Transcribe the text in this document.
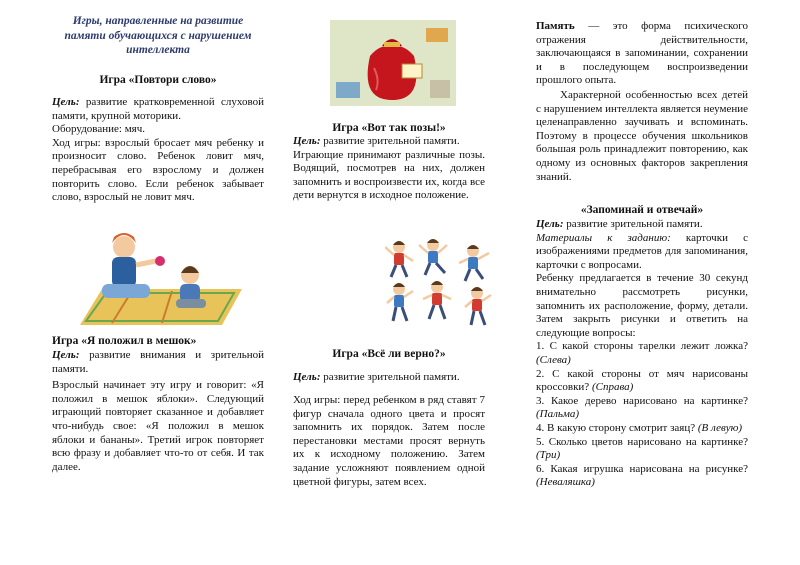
Игры, направленные на развитие памяти обучающихся с нарушением интеллекта
Игра «Повтори слово»
Цель: развитие кратковременной слуховой памяти, крупной моторики.
Оборудование: мяч.
Ход игры: взрослый бросает мяч ребенку и произносит слово. Ребенок ловит мяч, перебрасывая его взрослому и должен повторить слово. Если ребенок забывает слово, взрослый не ловит мяч.
Игра «Я положил в мешок»
Цель: развитие внимания и зрительной памяти.
Взрослый начинает эту игру и говорит: «Я положил в мешок яблоки». Следующий играющий повторяет сказанное и добавляет что-нибудь свое: «Я положил в мешок яблоки и бананы». Третий игрок повторяет всю фразу и добавляет что-то от себя. И так далее.
Игра «Вот так позы!»
Цель: развитие зрительной памяти.
Играющие принимают различные позы. Водящий, посмотрев на них, должен запомнить и воспроизвести их, когда все дети вернутся в исходное положение.
Игра «Всё ли верно?»
Цель: развитие зрительной памяти.
Ход игры: перед ребенком в ряд ставят 7 фигур сначала одного цвета и просят запомнить их порядок. Затем после перестановки местами просят вернуть их к исходному положению. Затем задание усложняют появлением одной цветной фигуры, затем всех.
Память — это форма психического отражения действительности, заключающаяся в запоминании, сохранении и в последующем воспроизведении прошлого опыта.
Характерной особенностью всех детей с нарушением интеллекта является неумение целенаправленно заучивать и вспоминать. Поэтому в процессе обучения школьников большая роль принадлежит повторению, как одному из основных факторов закрепления знаний.
«Запоминай и отвечай»
Цель: развитие зрительной памяти.
Материалы к заданию: карточки с изображениями предметов для запоминания, карточки с вопросами.
Ребенку предлагается в течение 30 секунд внимательно рассмотреть рисунки, запомнить их расположение, форму, детали. Затем закрыть рисунки и ответить на следующие вопросы:
1. С какой стороны тарелки лежит ложка? (Слева)
2. С какой стороны от мяч нарисованы кроссовки? (Справа)
3. Какое дерево нарисовано на картинке? (Пальма)
4. В какую сторону смотрит заяц? (В левую)
5. Сколько цветов нарисовано на картинке? (Три)
6. Какая игрушка нарисована на рисунке? (Неваляшка)
